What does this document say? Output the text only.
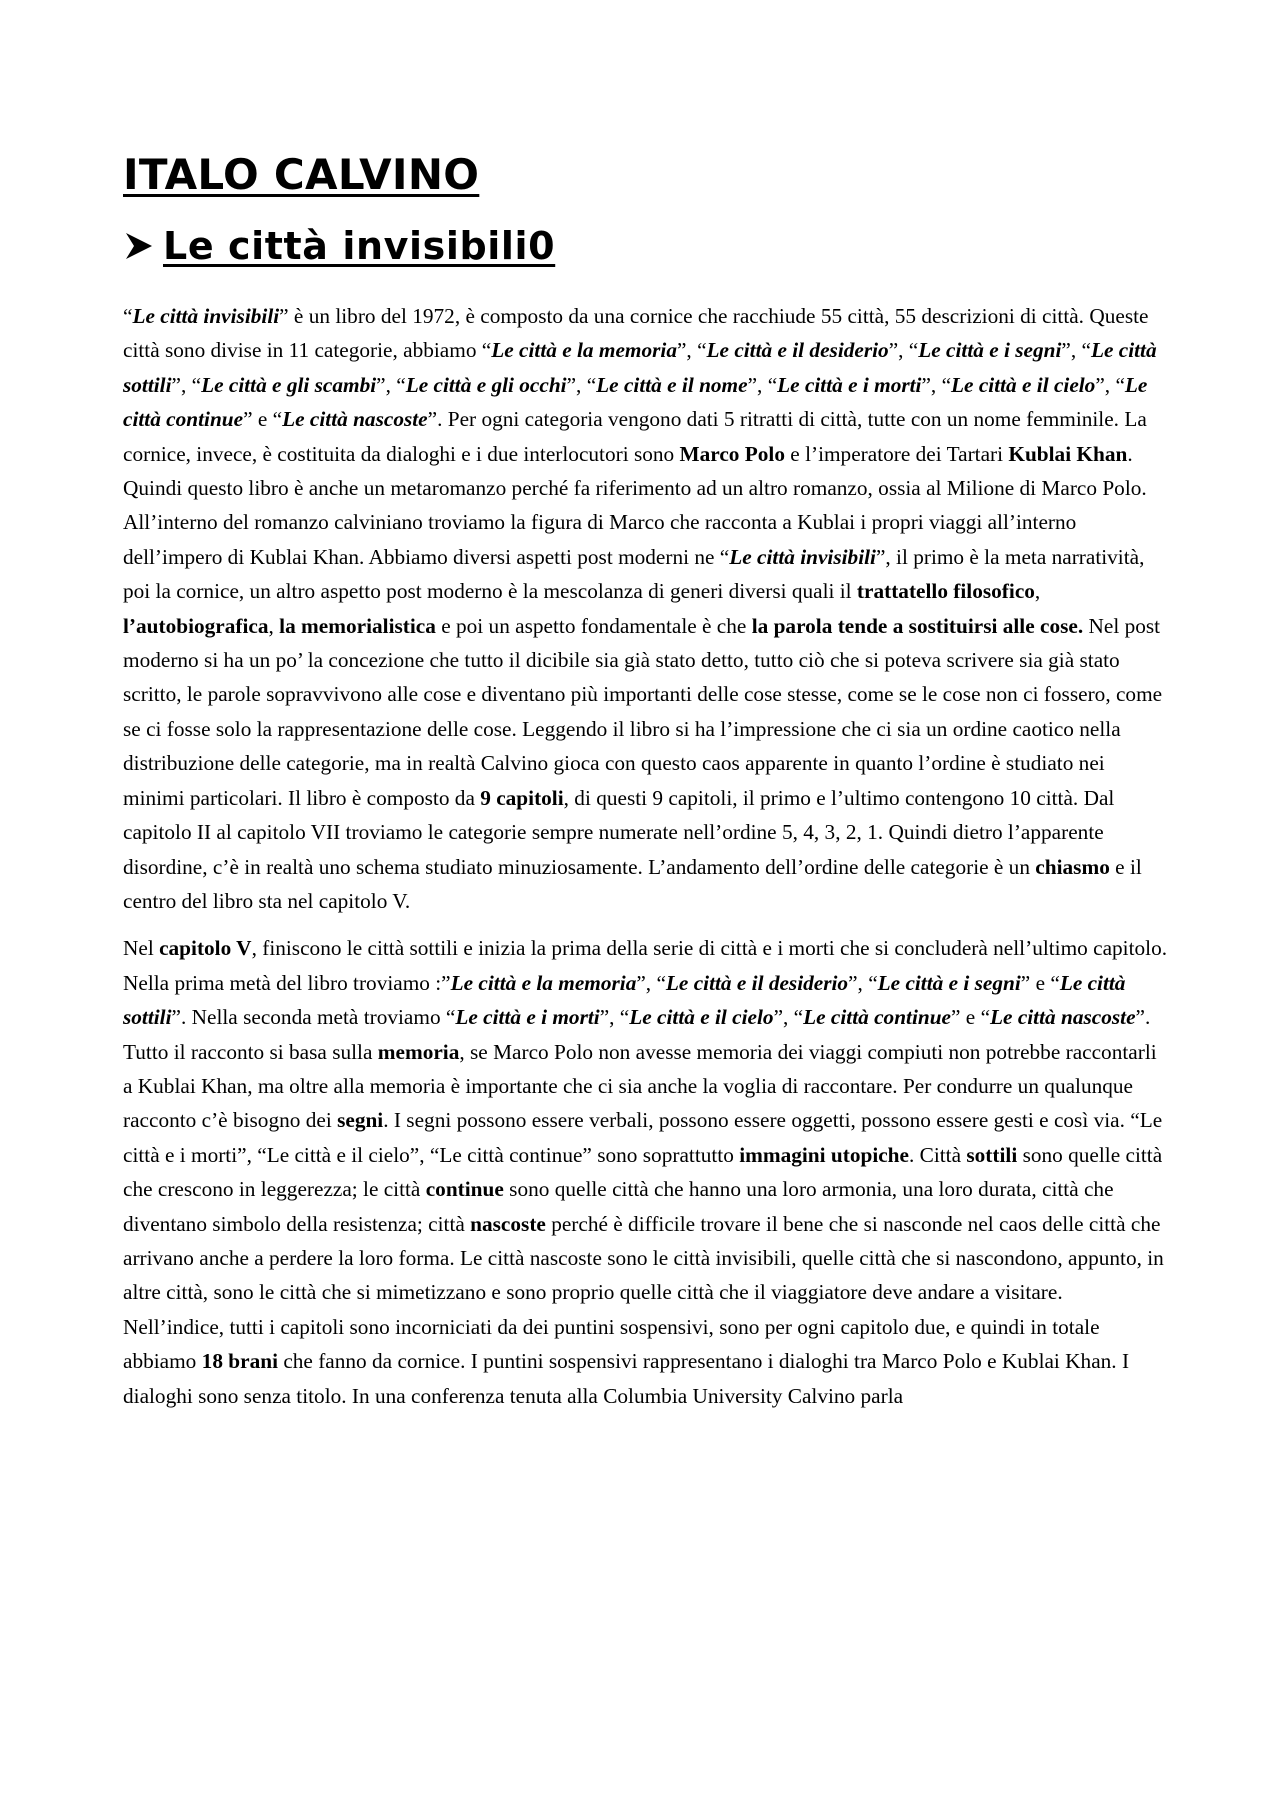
ITALO CALVINO
Le città invisibili0

“Le città invisibili” è un libro del 1972, è composto da una cornice che racchiude 55 città, 55 descrizioni di città. Queste città sono divise in 11 categorie, abbiamo “Le città e la memoria”, “Le città e il desiderio”, “Le città e i segni”, “Le città sottili”, “Le città e gli scambi”, “Le città e gli occhi”, “Le città e il nome”, “Le città e i morti”, “Le città e il cielo”, “Le città continue” e “Le città nascoste”. Per ogni categoria vengono dati 5 ritratti di città, tutte con un nome femminile. La cornice, invece, è costituita da dialoghi e i due interlocutori sono Marco Polo e l’imperatore dei Tartari Kublai Khan. Quindi questo libro è anche un metaromanzo perché fa riferimento ad un altro romanzo, ossia al Milione di Marco Polo. All’interno del romanzo calviniano troviamo la figura di Marco che racconta a Kublai i propri viaggi all’interno dell’impero di Kublai Khan. Abbiamo diversi aspetti post moderni ne “Le città invisibili”, il primo è la meta narratività, poi la cornice, un altro aspetto post moderno è la mescolanza di generi diversi quali il trattatello filosofico, l’autobiografica, la memorialistica e poi un aspetto fondamentale è che la parola tende a sostituirsi alle cose. Nel post moderno si ha un po’ la concezione che tutto il dicibile sia già stato detto, tutto ciò che si poteva scrivere sia già stato scritto, le parole sopravvivono alle cose e diventano più importanti delle cose stesse, come se le cose non ci fossero, come se ci fosse solo la rappresentazione delle cose. Leggendo il libro si ha l’impressione che ci sia un ordine caotico nella distribuzione delle categorie, ma in realtà Calvino gioca con questo caos apparente in quanto l’ordine è studiato nei minimi particolari. Il libro è composto da 9 capitoli, di questi 9 capitoli, il primo e l’ultimo contengono 10 città. Dal capitolo II al capitolo VII troviamo le categorie sempre numerate nell’ordine 5, 4, 3, 2, 1. Quindi dietro l’apparente disordine, c’è in realtà uno schema studiato minuziosamente. L’andamento dell’ordine delle categorie è un chiasmo e il centro del libro sta nel capitolo V.

Nel capitolo V, finiscono le città sottili e inizia la prima della serie di città e i morti che si concluderà nell’ultimo capitolo. Nella prima metà del libro troviamo :”Le città e la memoria”, “Le città e il desiderio”, “Le città e i segni” e “Le città sottili”. Nella seconda metà troviamo “Le città e i morti”, “Le città e il cielo”, “Le città continue” e “Le città nascoste”. Tutto il racconto si basa sulla memoria, se Marco Polo non avesse memoria dei viaggi compiuti non potrebbe raccontarli a Kublai Khan, ma oltre alla memoria è importante che ci sia anche la voglia di raccontare. Per condurre un qualunque racconto c’è bisogno dei segni. I segni possono essere verbali, possono essere oggetti, possono essere gesti e così via. “Le città e i morti”, “Le città e il cielo”, “Le città continue” sono soprattutto immagini utopiche. Città sottili sono quelle città che crescono in leggerezza; le città continue sono quelle città che hanno una loro armonia, una loro durata, città che diventano simbolo della resistenza; città nascoste perché è difficile trovare il bene che si nasconde nel caos delle città che arrivano anche a perdere la loro forma. Le città nascoste sono le città invisibili, quelle città che si nascondono, appunto, in altre città, sono le città che si mimetizzano e sono proprio quelle città che il viaggiatore deve andare a visitare. Nell’indice, tutti i capitoli sono incorniciati da dei puntini sospensivi, sono per ogni capitolo due, e quindi in totale abbiamo 18 brani che fanno da cornice. I puntini sospensivi rappresentano i dialoghi tra Marco Polo e Kublai Khan. I dialoghi sono senza titolo. In una conferenza tenuta alla Columbia University Calvino parla
